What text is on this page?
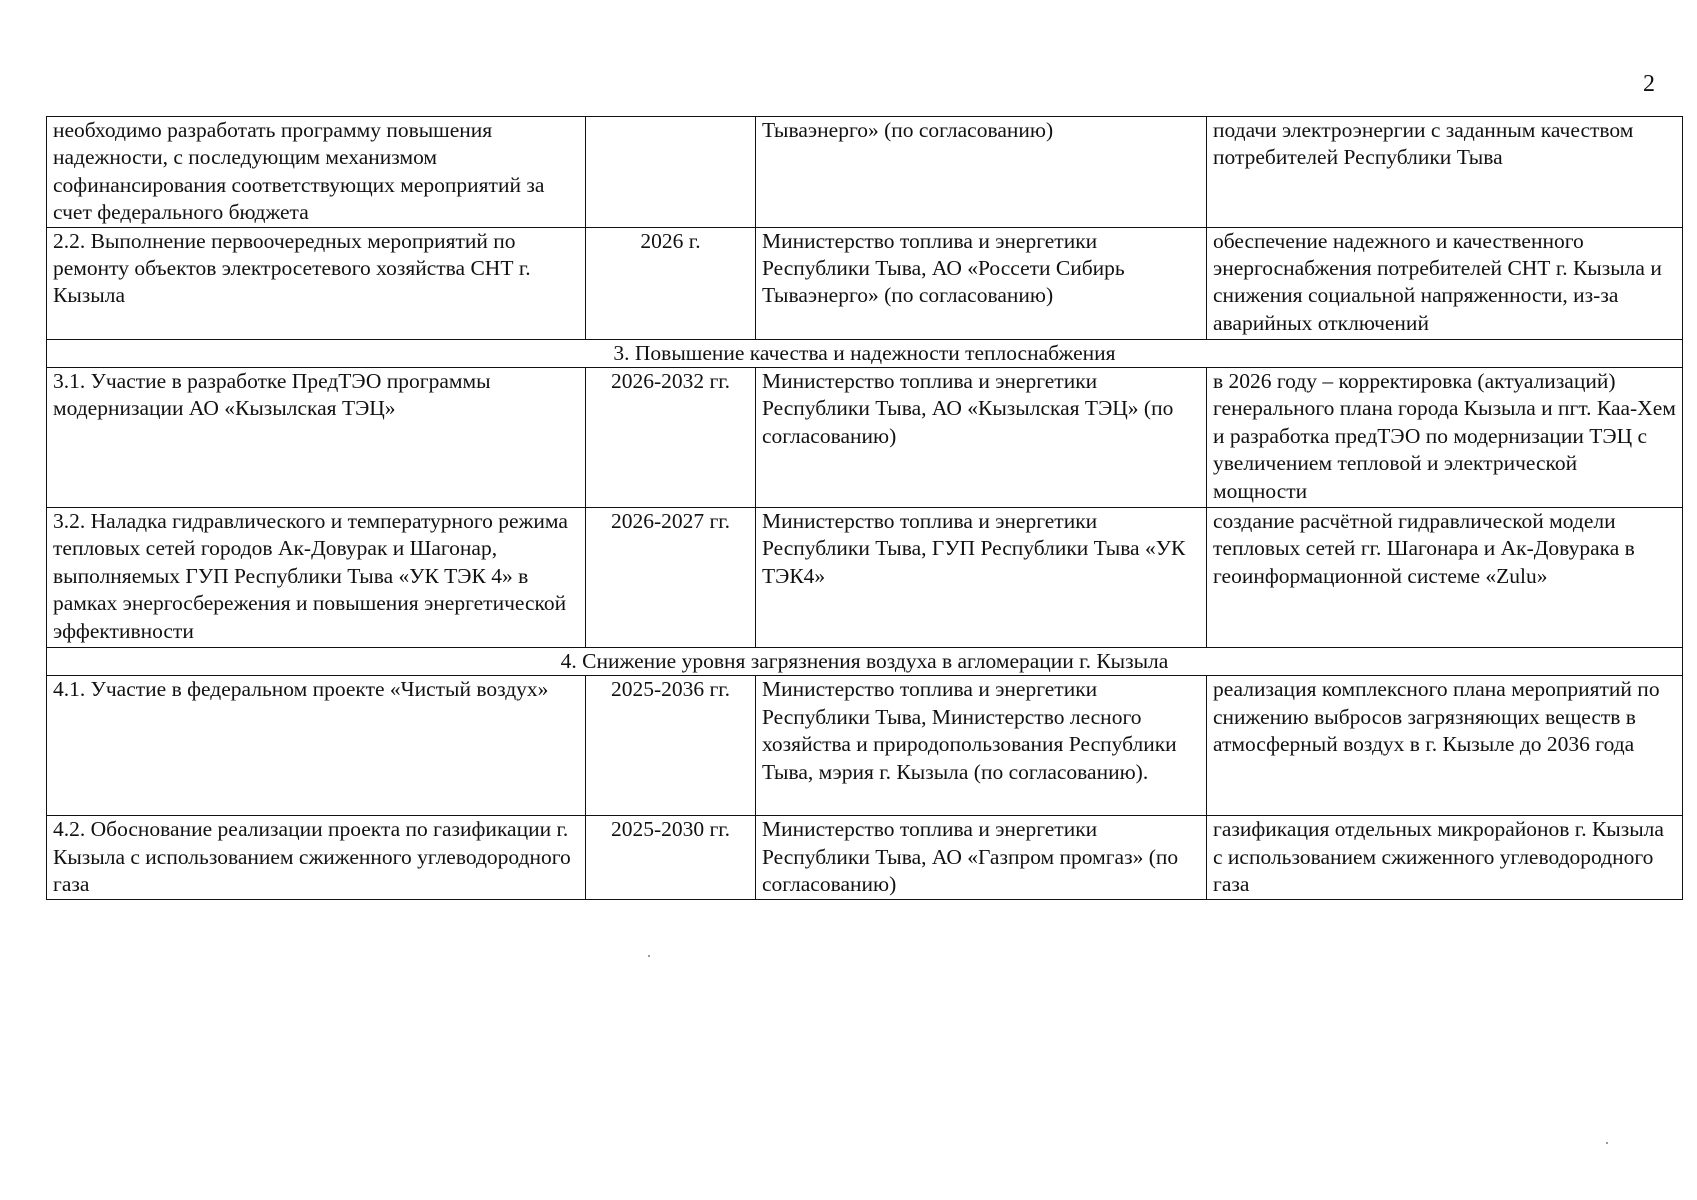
2
необходимо разработать программу повышения надежности, с последующим механизмом софинансирования соответствующих мероприятий за счет федерального бюджета		Тываэнерго» (по согласованию)	подачи электроэнергии с заданным качеством потребителей Республики Тыва
2.2. Выполнение первоочередных мероприятий по ремонту объектов электросетевого хозяйства СНТ г. Кызыла	2026 г.	Министерство топлива и энергетики Республики Тыва, АО «Россети Сибирь Тываэнерго» (по согласованию)	обеспечение надежного и качественного энергоснабжения потребителей СНТ г. Кызыла и снижения социальной напряженности, из-за аварийных отключений
3. Повышение качества и надежности теплоснабжения			
3.1. Участие в разработке ПредТЭО программы модернизации АО «Кызылская ТЭЦ»	2026-2032 гг.	Министерство топлива и энергетики Республики Тыва, АО «Кызылская ТЭЦ» (по согласованию)	в 2026 году – корректировка (актуализаций) генерального плана города Кызыла и пгт. Каа-Хем и разработка предТЭО по модернизации ТЭЦ с увеличением тепловой и электрической мощности
3.2. Наладка гидравлического и температурного режима тепловых сетей городов Ак-Довурак и Шагонар, выполняемых ГУП Республики Тыва «УК ТЭК 4» в рамках энергосбережения и повышения энергетической эффективности	2026-2027 гг.	Министерство топлива и энергетики Республики Тыва, ГУП Республики Тыва «УК ТЭК4»	создание расчётной гидравлической модели тепловых сетей гг. Шагонара и Ак-Довурака в геоинформационной системе «Zulu»
4. Снижение уровня загрязнения воздуха в агломерации г. Кызыла			
4.1. Участие в федеральном проекте «Чистый воздух»	2025-2036 гг.	Министерство топлива и энергетики Республики Тыва, Министерство лесного хозяйства и природопользования Республики Тыва, мэрия г. Кызыла (по согласованию).	реализация комплексного плана мероприятий по снижению выбросов загрязняющих веществ в атмосферный воздух в г. Кызыле до 2036 года
4.2. Обоснование реализации проекта по газификации г. Кызыла с использованием сжиженного углеводородного газа	2025-2030 гг.	Министерство топлива и энергетики Республики Тыва, АО «Газпром промгаз» (по согласованию)	газификация отдельных микрорайонов г. Кызыла с использованием сжиженного углеводородного газа
